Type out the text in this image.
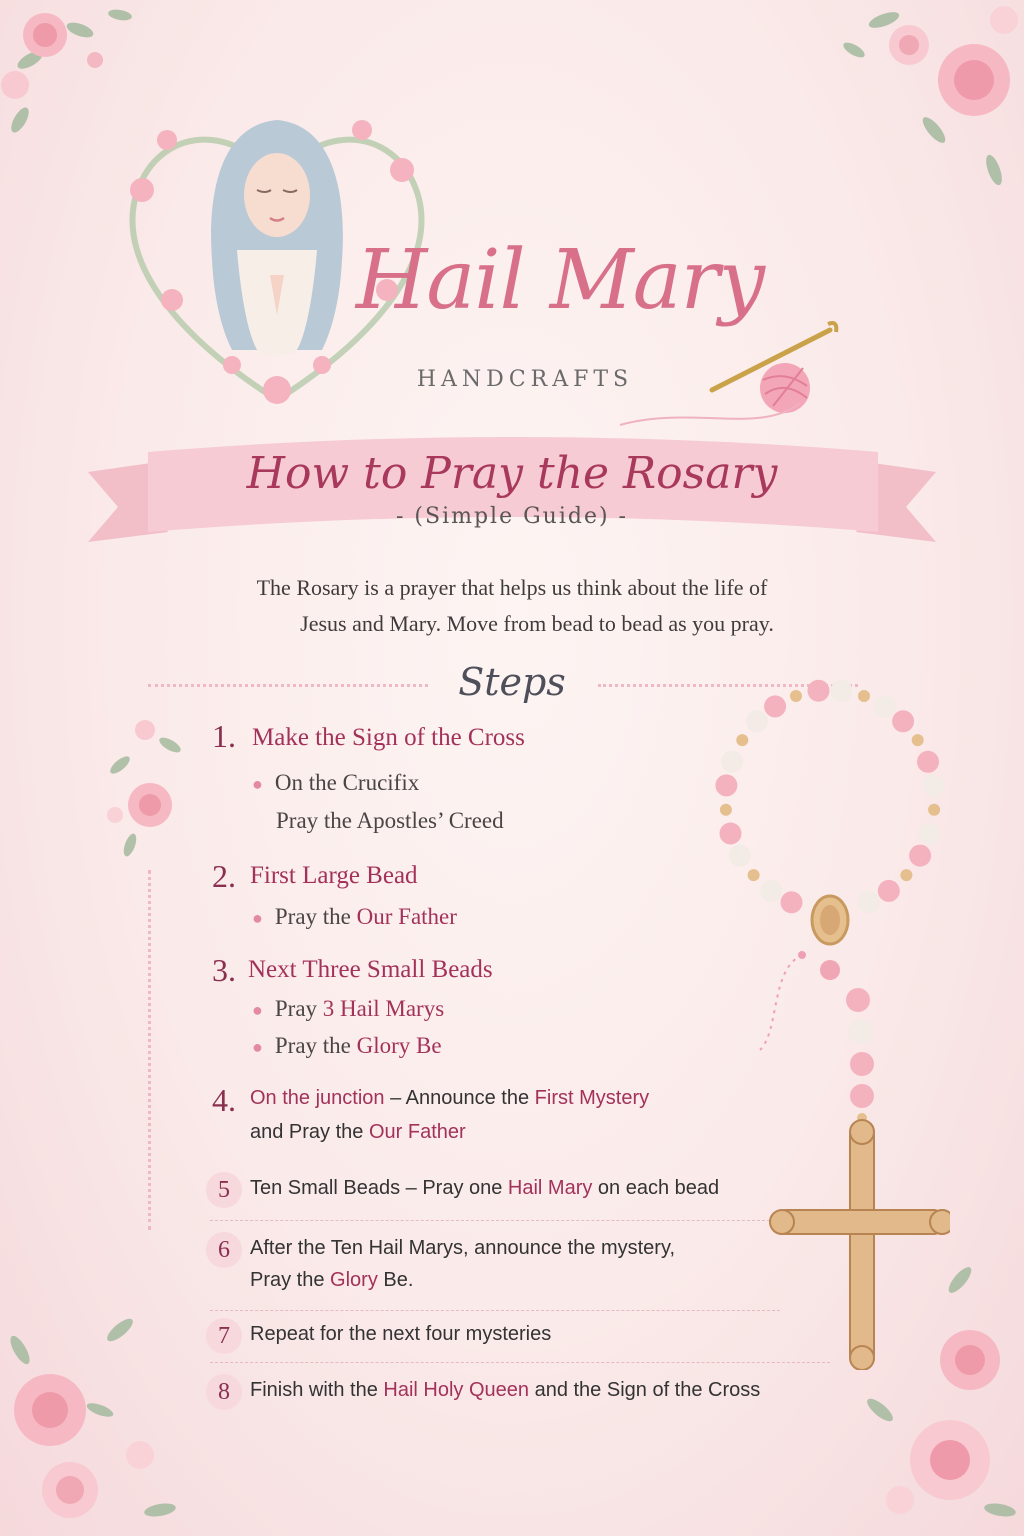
Hail Mary
HANDCRAFTS
How to Pray the Rosary
- (Simple Guide) -
The Rosary is a prayer that helps us think about the life of
Jesus and Mary. Move from bead to bead as you pray.
Steps
1. Make the Sign of the Cross
● On the Crucifix
Pray the Apostles’ Creed
2. First Large Bead
● Pray the Our Father
3. Next Three Small Beads
● Pray 3 Hail Marys
● Pray the Glory Be
4. On the junction – Announce the First Mystery
and Pray the Our Father
5	Ten Small Beads – Pray one Hail Mary on each bead
6	After the Ten Hail Marys, announce the mystery,
Pray the Glory Be.
7	Repeat for the next four mysteries
8	Finish with the Hail Holy Queen and the Sign of the Cross
